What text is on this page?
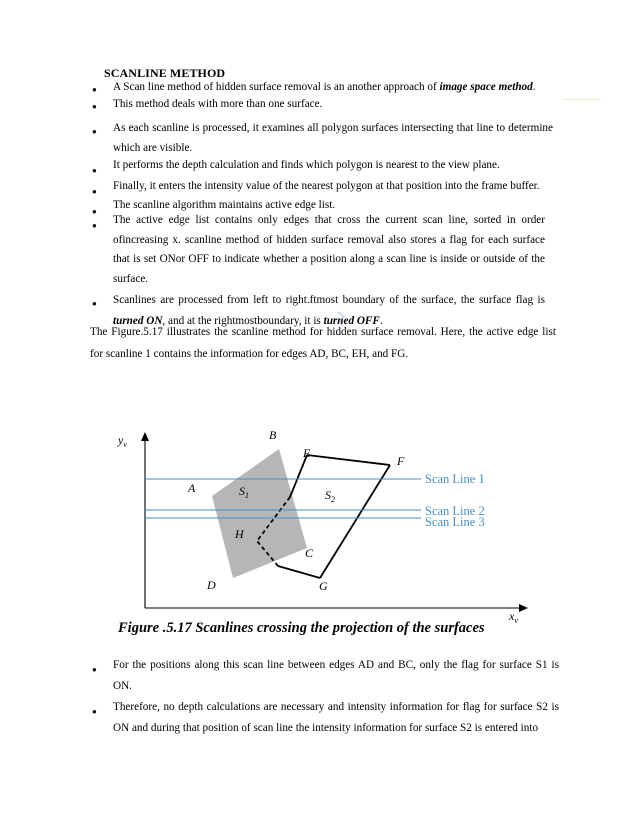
SCANLINE METHOD
● A Scan line method of hidden surface removal is an another approach of image space method.
● This method deals with more than one surface.
● As each scanline is processed, it examines all polygon surfaces intersecting that line to determine which are visible.
● It performs the depth calculation and finds which polygon is nearest to the view plane.
● Finally, it enters the intensity value of the nearest polygon at that position into the frame buffer.
●
The scanline algorithm maintains active edge list.
● The active edge list contains only edges that cross the current scan line, sorted in order ofincreasing x. scanline method of hidden surface removal also stores a flag for each surface that is set ONor OFF to indicate whether a position along a scan line is inside or outside of the surface.
● Scanlines are processed from left to right.ftmost boundary of the surface, the surface flag is turned ON, and at the rightmostboundary, it is turned OFF.
The Figure.5.17 illustrates the scanline method for hidden surface removal. Here, the active edge list for scanline 1 contains the information for edges AD, BC, EH, and FG.
$y_v$
$x_v$
Scan Line 1
Scan Line 2
Scan Line 3
A
B
C
D
E
F
G
H
$S_1$	$S_2$
Figure .5.17 Scanlines crossing the projection of the surfaces
● For the positions along this scan line between edges AD and BC, only the flag for surface S1 is ON.
● Therefore, no depth calculations are necessary and intensity information for flag for surface S2 is ON and during that position of scan line the intensity information for surface S2 is entered into
